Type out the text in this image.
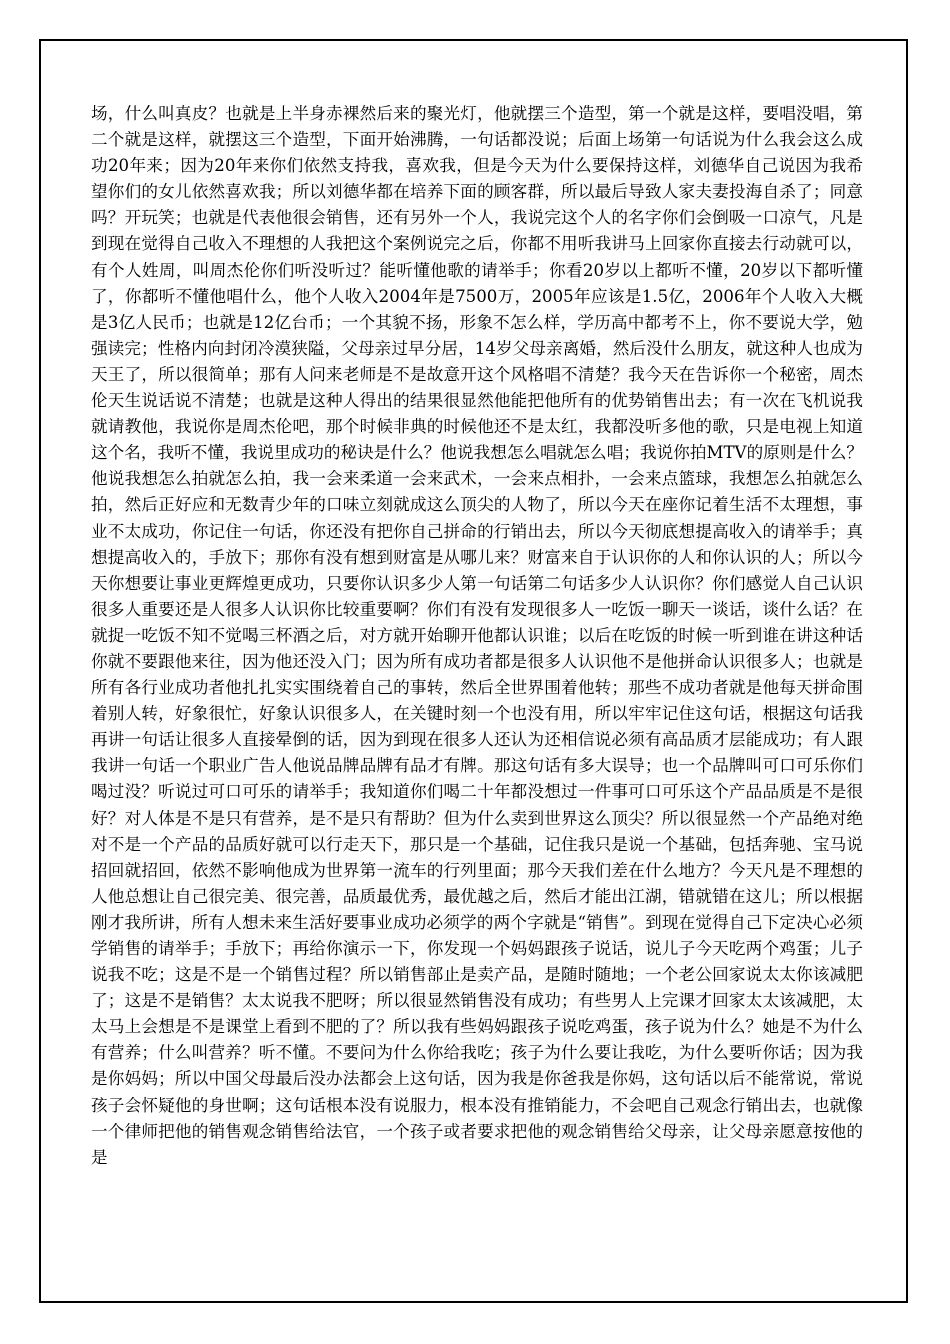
场，什么叫真皮？也就是上半身赤裸然后来的聚光灯，他就摆三个造型，第一个就是这样，要唱没唱，第二个就是这样，就摆这三个造型，下面开始沸腾，一句话都没说；后面上场第一句话说为什么我会这么成功20年来；因为20年来你们依然支持我，喜欢我，但是今天为什么要保持这样，刘德华自己说因为我希望你们的女儿依然喜欢我；所以刘德华都在培养下面的顾客群，所以最后导致人家夫妻投海自杀了；同意吗？开玩笑；也就是代表他很会销售，还有另外一个人，我说完这个人的名字你们会倒吸一口凉气，凡是到现在觉得自己收入不理想的人我把这个案例说完之后，你都不用听我讲马上回家你直接去行动就可以，有个人姓周，叫周杰伦你们听没听过？能听懂他歌的请举手；你看20岁以上都听不懂，20岁以下都听懂了，你都听不懂他唱什么，他个人收入2004年是7500万，2005年应该是1.5亿，2006年个人收入大概是3亿人民币；也就是12亿台币；一个其貌不扬，形象不怎么样，学历高中都考不上，你不要说大学，勉强读完；性格内向封闭冷漠狭隘，父母亲过早分居，14岁父母亲离婚，然后没什么朋友，就这种人也成为天王了，所以很简单；那有人问来老师是不是故意开这个风格唱不清楚？我今天在告诉你一个秘密，周杰伦天生说话说不清楚；也就是这种人得出的结果很显然他能把他所有的优势销售出去；有一次在飞机说我就请教他，我说你是周杰伦吧，那个时候非典的时候他还不是太红，我都没听多他的歌，只是电视上知道这个名，我听不懂，我说里成功的秘诀是什么？他说我想怎么唱就怎么唱；我说你拍MTV的原则是什么？他说我想怎么拍就怎么拍，我一会来柔道一会来武术，一会来点相扑，一会来点篮球，我想怎么拍就怎么拍，然后正好应和无数青少年的口味立刻就成这么顶尖的人物了，所以今天在座你记着生活不太理想，事业不太成功，你记住一句话，你还没有把你自己拼命的行销出去，所以今天彻底想提高收入的请举手；真想提高收入的，手放下；那你有没有想到财富是从哪儿来？财富来自于认识你的人和你认识的人；所以今天你想要让事业更辉煌更成功，只要你认识多少人第一句话第二句话多少人认识你？你们感觉人自己认识很多人重要还是人很多人认识你比较重要啊？你们有没有发现很多人一吃饭一聊天一谈话，谈什么话？在就捉一吃饭不知不觉喝三杯酒之后，对方就开始聊开他都认识谁；以后在吃饭的时候一听到谁在讲这种话你就不要跟他来往，因为他还没入门；因为所有成功者都是很多人认识他不是他拼命认识很多人；也就是所有各行业成功者他扎扎实实围绕着自己的事转，然后全世界围着他转；那些不成功者就是他每天拼命围着别人转，好象很忙，好象认识很多人，在关键时刻一个也没有用，所以牢牢记住这句话，根据这句话我再讲一句话让很多人直接晕倒的话，因为到现在很多人还认为还相信说必须有高品质才层能成功；有人跟我讲一句话一个职业广告人他说品牌品牌有品才有牌。那这句话有多大误导；也一个品牌叫可口可乐你们喝过没？听说过可口可乐的请举手；我知道你们喝二十年都没想过一件事可口可乐这个产品品质是不是很好？对人体是不是只有营养，是不是只有帮助？但为什么卖到世界这么顶尖？所以很显然一个产品绝对绝对不是一个产品的品质好就可以行走天下，那只是一个基础，记住我只是说一个基础，包括奔驰、宝马说招回就招回，依然不影响他成为世界第一流车的行列里面；那今天我们差在什么地方？今天凡是不理想的人他总想让自己很完美、很完善，品质最优秀，最优越之后，然后才能出江湖，错就错在这儿；所以根据刚才我所讲，所有人想未来生活好要事业成功必须学的两个字就是“销售”。到现在觉得自己下定决心必须学销售的请举手；手放下；再给你演示一下，你发现一个妈妈跟孩子说话，说儿子今天吃两个鸡蛋；儿子说我不吃；这是不是一个销售过程？所以销售部止是卖产品，是随时随地；一个老公回家说太太你该减肥了；这是不是销售？太太说我不肥呀；所以很显然销售没有成功；有些男人上完课才回家太太该减肥，太太马上会想是不是课堂上看到不肥的了？所以我有些妈妈跟孩子说吃鸡蛋，孩子说为什么？她是不为什么有营养；什么叫营养？听不懂。不要问为什么你给我吃；孩子为什么要让我吃，为什么要听你话；因为我是你妈妈；所以中国父母最后没办法都会上这句话，因为我是你爸我是你妈，这句话以后不能常说，常说孩子会怀疑他的身世啊；这句话根本没有说服力，根本没有推销能力，不会吧自己观念行销出去，也就像一个律师把他的销售观念销售给法官，一个孩子或者要求把他的观念销售给父母亲，让父母亲愿意按他的是
